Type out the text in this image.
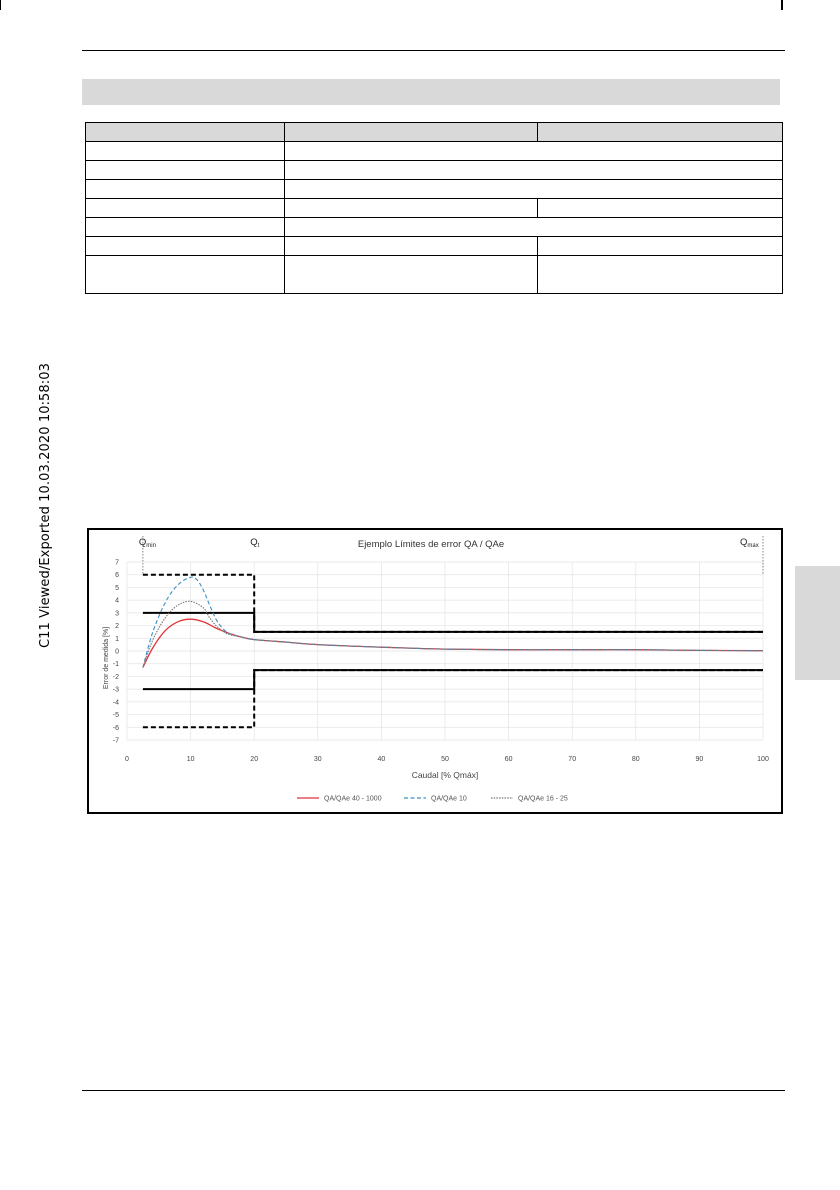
C11 Viewed/Exported 10.03.2020 10:58:03	7
6
5
4
3
2
1
0
-1
-2
-3
-4
-5
-6
-7
0	10	20	30	40	50	60	70	80	90	100
$Q_{min}$	$Q_t$	$Q_{max}$
Ejemplo Límites de error QA / QAe
Caudal [% Qmáx]
Error de medida [%]
QA/QAe 40 - 1000	QA/QAe 10	QA/QAe 16 - 25
